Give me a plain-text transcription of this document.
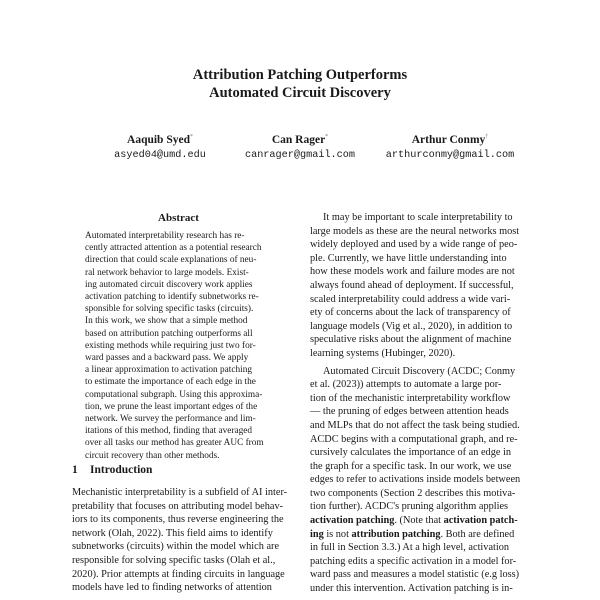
Attribution Patching Outperforms
Automated Circuit Discovery
Aaquib Syed*
asyed04@umd.edu
Can Rager*
canrager@gmail.com
Arthur Conmy†
arthurconmy@gmail.com
Abstract
Automated interpretability research has re-
cently attracted attention as a potential research
direction that could scale explanations of neu-
ral network behavior to large models. Exist-
ing automated circuit discovery work applies
activation patching to identify subnetworks re-
sponsible for solving specific tasks (circuits).
In this work, we show that a simple method
based on attribution patching outperforms all
existing methods while requiring just two for-
ward passes and a backward pass. We apply
a linear approximation to activation patching
to estimate the importance of each edge in the
computational subgraph. Using this approxima-
tion, we prune the least important edges of the
network. We survey the performance and lim-
itations of this method, finding that averaged
over all tasks our method has greater AUC from
circuit recovery than other methods.
1 Introduction
Mechanistic interpretability is a subfield of AI inter-
pretability that focuses on attributing model behav-
iors to its components, thus reverse engineering the
network (Olah, 2022). This field aims to identify
subnetworks (circuits) within the model which are
responsible for solving specific tasks (Olah et al.,
2020). Prior attempts at finding circuits in language
models have led to finding networks of attention
It may be important to scale interpretability to
large models as these are the neural networks most
widely deployed and used by a wide range of peo-
ple. Currently, we have little understanding into
how these models work and failure modes are not
always found ahead of deployment. If successful,
scaled interpretability could address a wide vari-
ety of concerns about the lack of transparency of
language models (Vig et al., 2020), in addition to
speculative risks about the alignment of machine
learning systems (Hubinger, 2020).
Automated Circuit Discovery (ACDC; Conmy
et al. (2023)) attempts to automate a large por-
tion of the mechanistic interpretability workflow
— the pruning of edges between attention heads
and MLPs that do not affect the task being studied.
ACDC begins with a computational graph, and re-
cursively calculates the importance of an edge in
the graph for a specific task. In our work, we use
edges to refer to activations inside models between
two components (Section 2 describes this motiva-
tion further). ACDC's pruning algorithm applies
activation patching. (Note that activation patch-
ing is not attribution patching. Both are defined
in full in Section 3.3.) At a high level, activation
patching edits a specific activation in a model for-
ward pass and measures a model statistic (e.g loss)
under this intervention. Activation patching is in-
